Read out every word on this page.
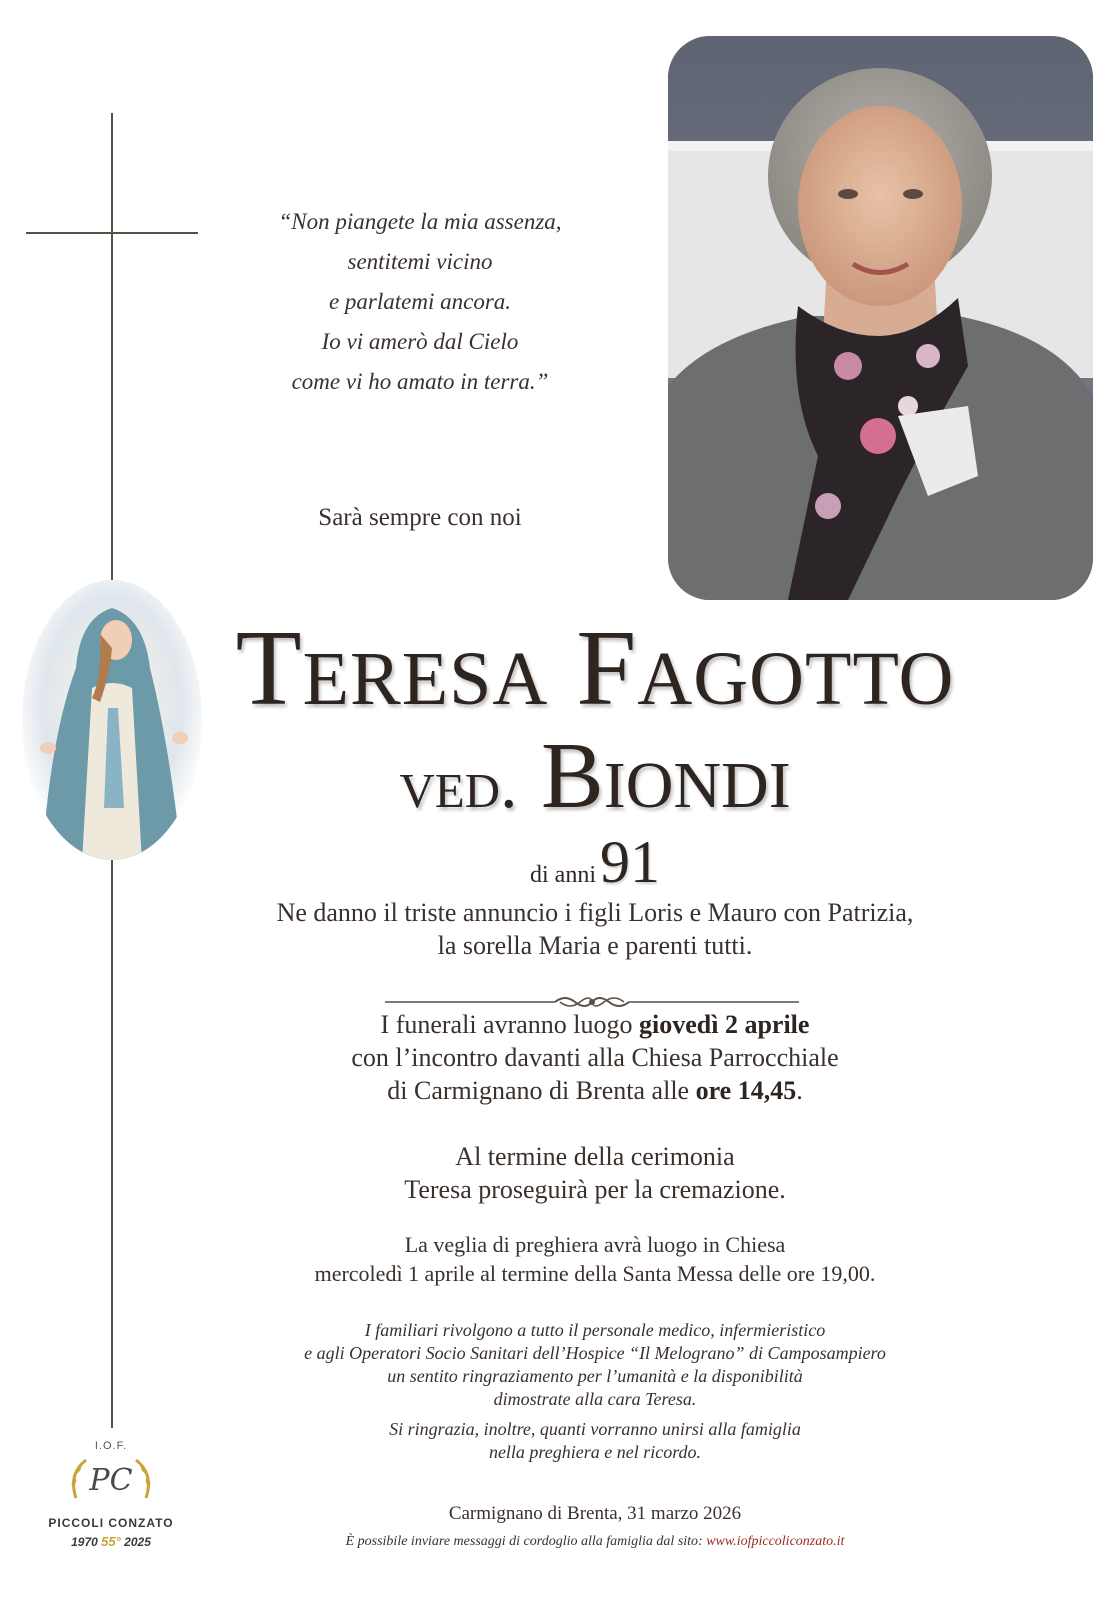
“Non piangete la mia assenza,
sentitemi vicino
e parlatemi ancora.
Io vi amerò dal Cielo
come vi ho amato in terra.”
Sarà sempre con noi
Teresa Fagotto
ved. Biondi
di anni 91
Ne danno il triste annuncio i figli Loris e Mauro con Patrizia,
la sorella Maria e parenti tutti.
I funerali avranno luogo giovedì 2 aprile
con l’incontro davanti alla Chiesa Parrocchiale
di Carmignano di Brenta alle ore 14,45.
Al termine della cerimonia
Teresa proseguirà per la cremazione.
La veglia di preghiera avrà luogo in Chiesa
mercoledì 1 aprile al termine della Santa Messa delle ore 19,00.
I familiari rivolgono a tutto il personale medico, infermieristico
e agli Operatori Socio Sanitari dell’Hospice “Il Melograno” di Camposampiero
un sentito ringraziamento per l’umanità e la disponibilità
dimostrate alla cara Teresa.
Si ringrazia, inoltre, quanti vorranno unirsi alla famiglia
nella preghiera e nel ricordo.
Carmignano di Brenta, 31 marzo 2026
È possibile inviare messaggi di cordoglio alla famiglia dal sito: www.iofpiccoliconzato.it
I.O.F.
PC
PICCOLI CONZATO
1970 55° 2025
